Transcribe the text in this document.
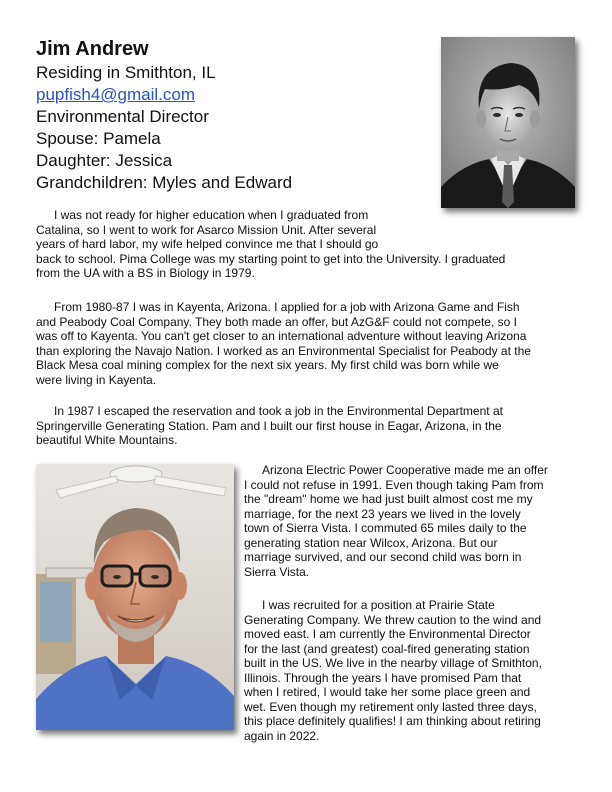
Jim Andrew
Residing in Smithton, IL
pupfish4@gmail.com
Environmental Director
Spouse: Pamela
Daughter: Jessica
Grandchildren: Myles and Edward

I was not ready for higher education when I graduated from
Catalina, so I went to work for Asarco Mission Unit. After several
years of hard labor, my wife helped convince me that I should go
back to school. Pima College was my starting point to get into the University. I graduated
from the UA with a BS in Biology in 1979.

From 1980-87 I was in Kayenta, Arizona. I applied for a job with Arizona Game and Fish
and Peabody Coal Company. They both made an offer, but AzG&F could not compete, so I
was off to Kayenta. You can't get closer to an international adventure without leaving Arizona
than exploring the Navajo Nation. I worked as an Environmental Specialist for Peabody at the
Black Mesa coal mining complex for the next six years. My first child was born while we
were living in Kayenta.

In 1987 I escaped the reservation and took a job in the Environmental Department at
Springerville Generating Station. Pam and I built our first house in Eagar, Arizona, in the
beautiful White Mountains.

Arizona Electric Power Cooperative made me an offer
I could not refuse in 1991. Even though taking Pam from
the "dream" home we had just built almost cost me my
marriage, for the next 23 years we lived in the lovely
town of Sierra Vista. I commuted 65 miles daily to the
generating station near Wilcox, Arizona. But our
marriage survived, and our second child was born in
Sierra Vista.

I was recruited for a position at Prairie State
Generating Company. We threw caution to the wind and
moved east. I am currently the Environmental Director
for the last (and greatest) coal-fired generating station
built in the US. We live in the nearby village of Smithton,
Illinois. Through the years I have promised Pam that
when I retired, I would take her some place green and
wet. Even though my retirement only lasted three days,
this place definitely qualifies! I am thinking about retiring
again in 2022.
